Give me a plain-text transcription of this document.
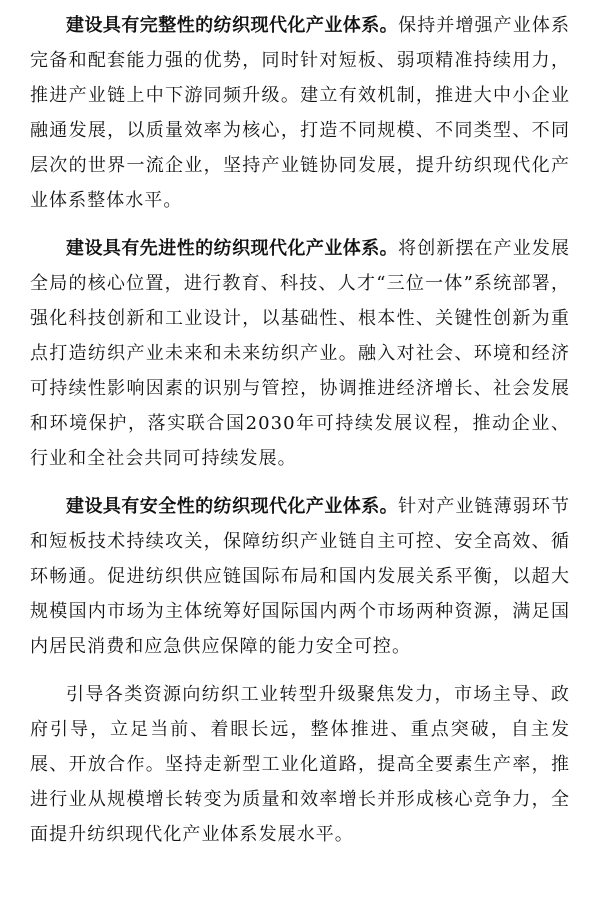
建设具有完整性的纺织现代化产业体系。保持并增强产业体系完备和配套能力强的优势，同时针对短板、弱项精准持续用力，推进产业链上中下游同频升级。建立有效机制，推进大中小企业融通发展，以质量效率为核心，打造不同规模、不同类型、不同层次的世界一流企业，坚持产业链协同发展，提升纺织现代化产业体系整体水平。

建设具有先进性的纺织现代化产业体系。将创新摆在产业发展全局的核心位置，进行教育、科技、人才“三位一体”系统部署，强化科技创新和工业设计，以基础性、根本性、关键性创新为重点打造纺织产业未来和未来纺织产业。融入对社会、环境和经济可持续性影响因素的识别与管控，协调推进经济增长、社会发展和环境保护，落实联合国2030年可持续发展议程，推动企业、行业和全社会共同可持续发展。

建设具有安全性的纺织现代化产业体系。针对产业链薄弱环节和短板技术持续攻关，保障纺织产业链自主可控、安全高效、循环畅通。促进纺织供应链国际布局和国内发展关系平衡，以超大规模国内市场为主体统筹好国际国内两个市场两种资源，满足国内居民消费和应急供应保障的能力安全可控。

引导各类资源向纺织工业转型升级聚焦发力，市场主导、政府引导，立足当前、着眼长远，整体推进、重点突破，自主发展、开放合作。坚持走新型工业化道路，提高全要素生产率，推进行业从规模增长转变为质量和效率增长并形成核心竞争力，全面提升纺织现代化产业体系发展水平。
